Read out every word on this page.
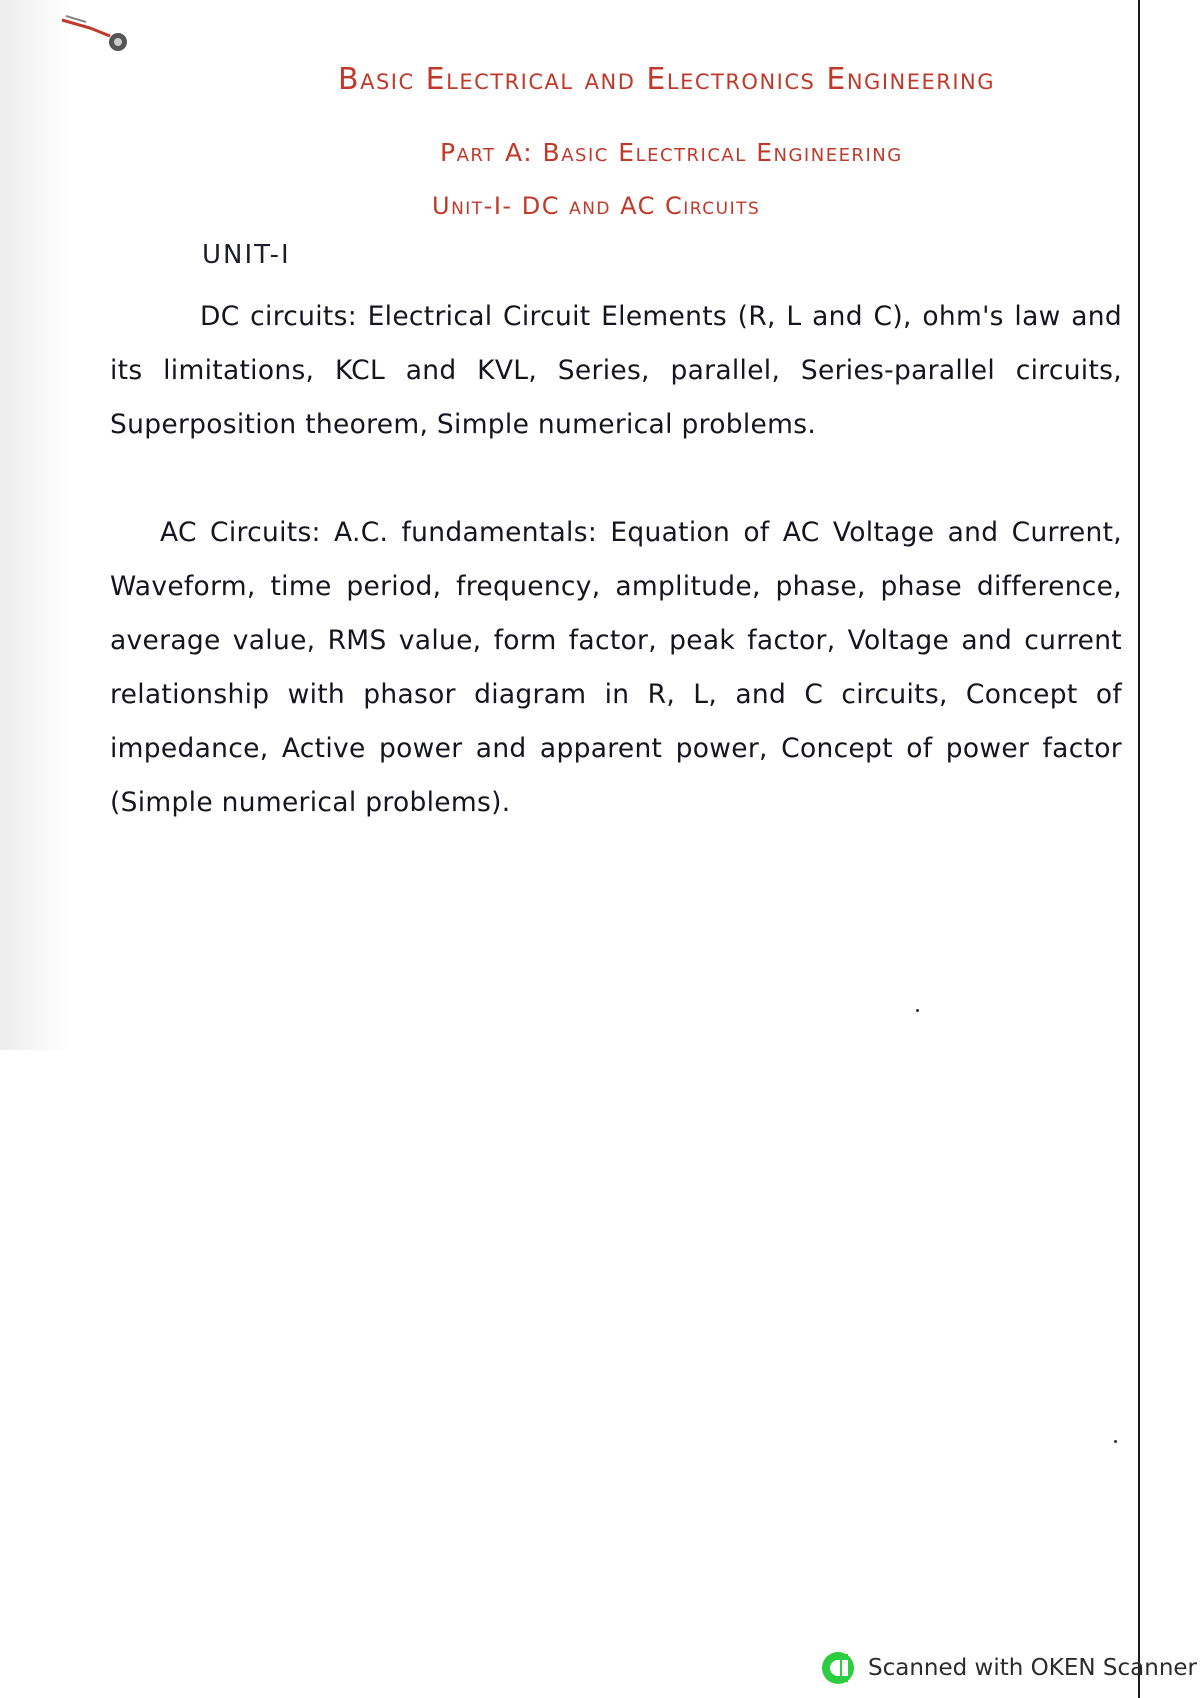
Basic Electrical and Electronics Engineering
Part A: Basic Electrical Engineering
Unit-I- DC and AC Circuits
UNIT-I

DC circuits: Electrical Circuit Elements (R, L and C), ohm's law and its limitations, KCL and KVL, Series, parallel, Series-parallel circuits, Superposition theorem, Simple numerical problems.

AC Circuits: A.C. fundamentals: Equation of AC Voltage and Current, Waveform, time period, frequency, amplitude, phase, phase difference, average value, RMS value, form factor, peak factor, Voltage and current relationship with phasor diagram in R, L, and C circuits, Concept of impedance, Active power and apparent power, Concept of power factor (Simple numerical problems).

Scanned with OKEN Scanner
